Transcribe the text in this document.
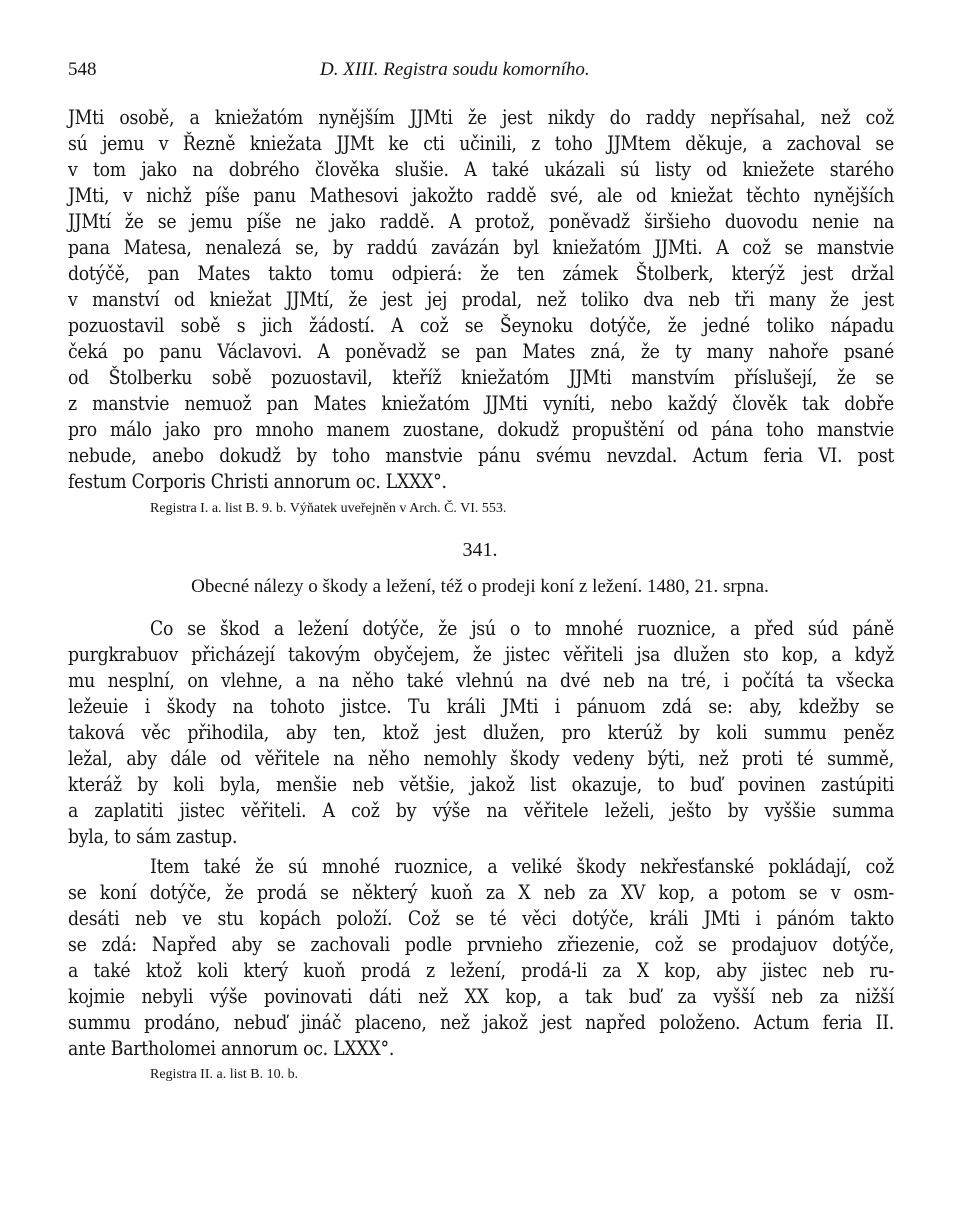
548	D. XIII. Registra soudu komorního.
JMti osobě, a kniežatóm nynějším JJMti že jest nikdy do raddy nepřísahal, než což
sú jemu v Řezně kniežata JJMt ke cti učinili, z toho JJMtem děkuje, a zachoval se
v tom jako na dobrého člověka slušie. A také ukázali sú listy od kniežete starého
JMti, v nichž píše panu Mathesovi jakožto raddě své, ale od kniežat těchto nynějších
JJMtí že se jemu píše ne jako raddě. A protož, poněvadž širšieho duovodu nenie na
pana Matesa, nenalezá se, by raddú zavázán byl kniežatóm JJMti. A což se manstvie
dotýčě, pan Mates takto tomu odpierá: že ten zámek Štolberk, kterýž jest držal
v manství od kniežat JJMtí, že jest jej prodal, než toliko dva neb tři many že jest
pozuostavil sobě s jich žádostí. A což se Šeynoku dotýče, že jedné toliko nápadu
čeká po panu Václavovi. A poněvadž se pan Mates zná, že ty many nahoře psané
od Štolberku sobě pozuostavil, kteříž kniežatóm JJMti manstvím příslušejí, že se
z manstvie nemuož pan Mates kniežatóm JJMti vyníti, nebo každý člověk tak dobře
pro málo jako pro mnoho manem zuostane, dokudž propuštění od pána toho manstvie
nebude, anebo dokudž by toho manstvie pánu svému nevzdal. Actum feria VI. post
festum Corporis Christi annorum oc. LXXX°.
Registra I. a. list B. 9. b. Výňatek uveřejněn v Arch. Č. VI. 553.
341.
Obecné nálezy o škody a ležení, též o prodeji koní z ležení. 1480, 21. srpna.
Co se škod a ležení dotýče, že jsú o to mnohé ruoznice, a před súd páně
purgkrabuov přicházejí takovým obyčejem, že jistec věřiteli jsa dlužen sto kop, a když
mu nesplní, on vlehne, a na něho také vlehnú na dvé neb na tré, i počítá ta všecka
ležeuie i škody na tohoto jistce. Tu králi JMti i pánuom zdá se: aby, kdežby se
taková věc přihodila, aby ten, ktož jest dlužen, pro kterúž by koli summu peněz
ležal, aby dále od věřitele na něho nemohly škody vedeny býti, než proti té summě,
kteráž by koli byla, menšie neb většie, jakož list okazuje, to buď povinen zastúpiti
a zaplatiti jistec věřiteli. A což by výše na věřitele leželi, ješto by vyššie summa
byla, to sám zastup.
Item také že sú mnohé ruoznice, a veliké škody nekřesťanské pokládají, což
se koní dotýče, že prodá se některý kuoň za X neb za XV kop, a potom se v osm-
desáti neb ve stu kopách položí. Což se té věci dotýče, králi JMti i pánóm takto
se zdá: Napřed aby se zachovali podle prvnieho zřiezenie, což se prodajuov dotýče,
a také ktož koli který kuoň prodá z ležení, prodá-li za X kop, aby jistec neb ru-
kojmie nebyli výše povinovati dáti než XX kop, a tak buď za vyšší neb za nižší
summu prodáno, nebuď jináč placeno, než jakož jest napřed položeno. Actum feria II.
ante Bartholomei annorum oc. LXXX°.
Registra II. a. list B. 10. b.
